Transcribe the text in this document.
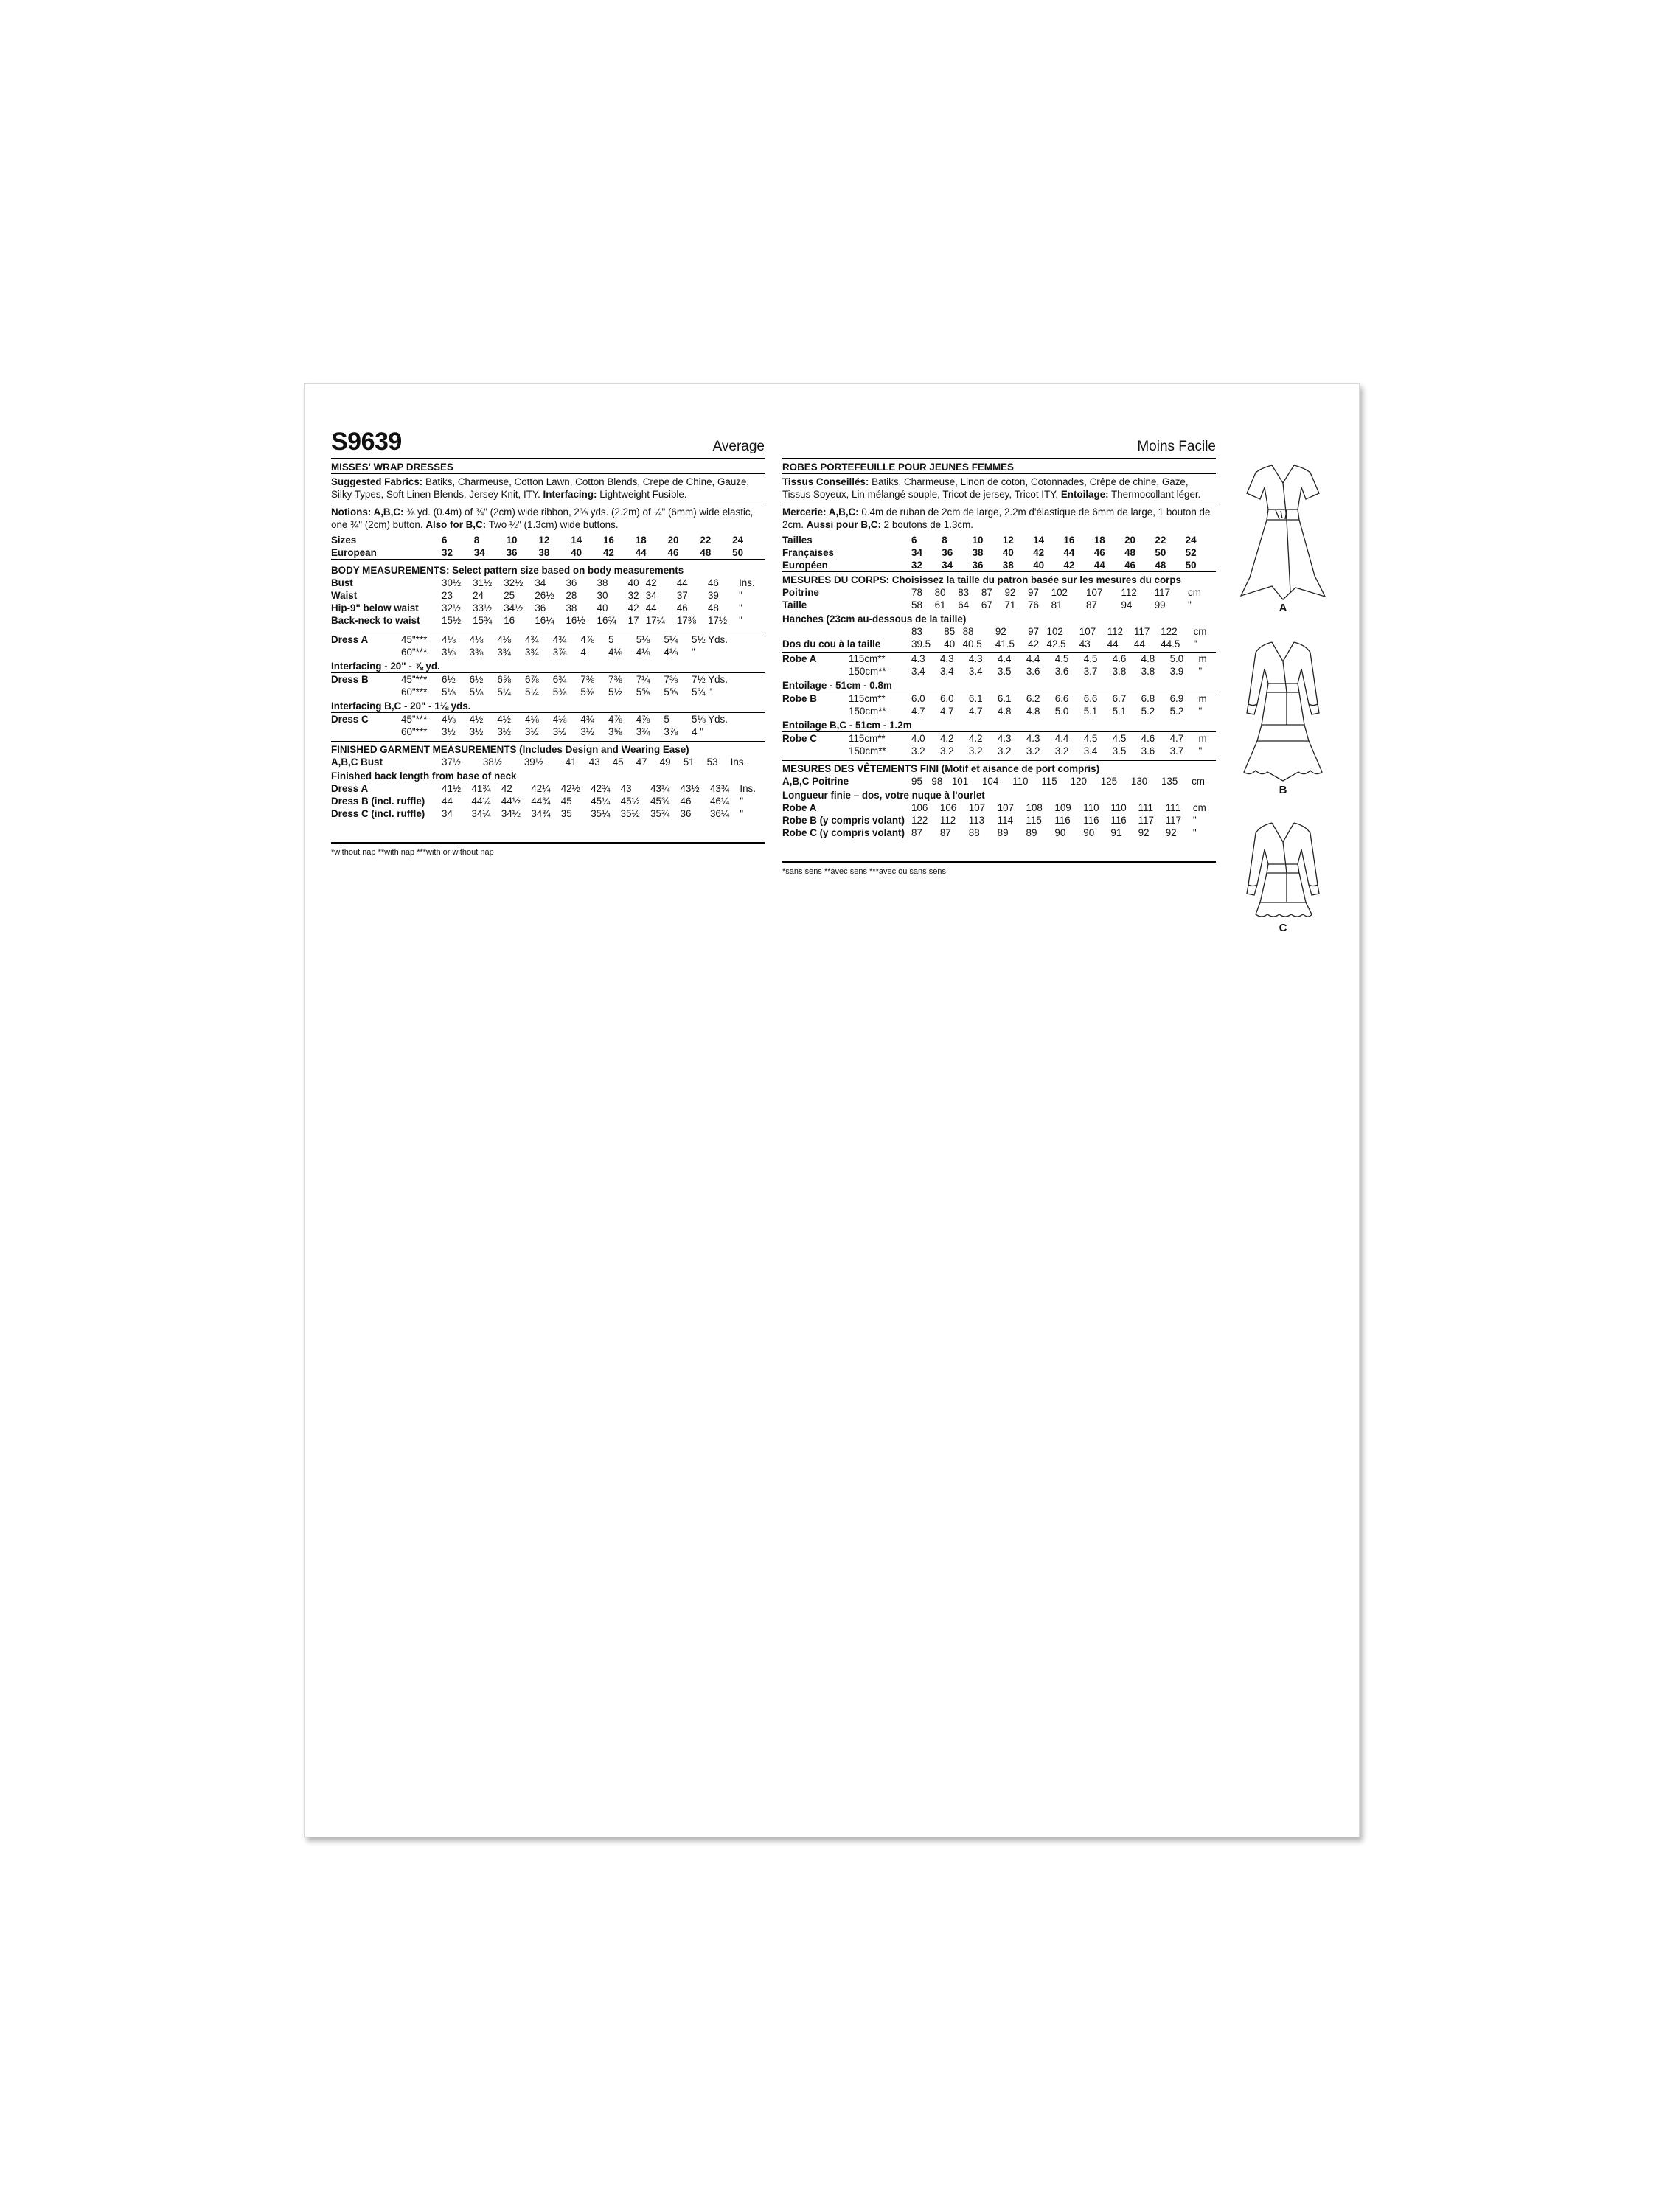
S9639	Average
MISSES' WRAP DRESSES
Suggested Fabrics: Batiks, Charmeuse, Cotton Lawn, Cotton Blends, Crepe de Chine, Gauze, Silky Types, Soft Linen Blends, Jersey Knit, ITY. Interfacing: Lightweight Fusible.
Notions: A,B,C: ⅜ yd. (0.4m) of ¾" (2cm) wide ribbon, 2⅜ yds. (2.2m) of ¼" (6mm) wide elastic, one ¾" (2cm) button. Also for B,C: Two ½" (1.3cm) wide buttons.
Sizes	6	8	10	12	14	16	18	20	22	24	
European	32	34	36	38	40	42	44	46	48	50	
BODY MEASUREMENTS: Select pattern size based on body measurements
Bust	30½	31½	32½	34	36	38	40	42	44	46	Ins.
Waist	23	24	25	26½	28	30	32	34	37	39	"
Hip-9" below waist	32½	33½	34½	36	38	40	42	44	46	48	"
Back-neck to waist	15½	15¾	16	16¼	16½	16¾	17	17¼	17⅜	17½	"
Dress A	45"***	4⅛	4⅛	4⅛	4¾	4¾	4⅞	5	5⅛	5¼	5½ Yds.
	60"***	3⅛	3⅜	3¾	3¾	3⅞	4	4⅛	4⅛	4⅛	"
Interfacing - 20" - ⅞ yd.
Dress B	45"***	6½	6½	6⅝	6⅞	6¾	7⅜	7⅜	7¼	7⅜	7½ Yds.
	60"***	5⅛	5⅛	5¼	5¼	5⅜	5⅜	5½	5⅝	5⅝	5¾ "
Interfacing B,C - 20" - 1⅛ yds.
Dress C	45"***	4⅛	4½	4½	4⅛	4⅛	4¾	4⅞	4⅞	5	5⅛ Yds.
	60"***	3½	3½	3½	3½	3½	3½	3⅝	3¾	3⅞	4 "
FINISHED GARMENT MEASUREMENTS (Includes Design and Wearing Ease)
A,B,C Bust	37½	38½	39½	41	43	45	47	49	51	53	Ins.
Finished back length from base of neck
Dress A	41½	41¾	42	42¼	42½	42¾	43	43¼	43½	43¾	Ins.
Dress B (incl. ruffle)	44	44¼	44½	44¾	45	45¼	45½	45¾	46	46¼	"
Dress C (incl. ruffle)	34	34¼	34½	34¾	35	35¼	35½	35¾	36	36¼	"
*without nap **with nap ***with or without nap
Moins Facile
ROBES PORTEFEUILLE POUR JEUNES FEMMES
Tissus Conseillés: Batiks, Charmeuse, Linon de coton, Cotonnades, Crêpe de chine, Gaze, Tissus Soyeux, Lin mélangé souple, Tricot de jersey, Tricot ITY. Entoilage: Thermocollant léger.
Mercerie: A,B,C: 0.4m de ruban de 2cm de large, 2.2m d'élastique de 6mm de large, 1 bouton de 2cm. Aussi pour B,C: 2 boutons de 1.3cm.
Tailles	6	8	10	12	14	16	18	20	22	24	
Françaises	34	36	38	40	42	44	46	48	50	52	
Européen	32	34	36	38	40	42	44	46	48	50	
MESURES DU CORPS: Choisissez la taille du patron basée sur les mesures du corps
Poitrine	78	80	83	87	92	97	102	107	112	117	cm
Taille	58	61	64	67	71	76	81	87	94	99	"
Hanches (23cm au-dessous de la taille)
	83	85	88	92	97	102	107	112	117	122	cm
Dos du cou à la taille	39.5	40	40.5	41.5	42	42.5	43	44	44	44.5	"
Robe A	115cm**	4.3	4.3	4.3	4.4	4.4	4.5	4.5	4.6	4.8	5.0	m
	150cm**	3.4	3.4	3.4	3.5	3.6	3.6	3.7	3.8	3.8	3.9	"
Entoilage - 51cm - 0.8m
Robe B	115cm**	6.0	6.0	6.1	6.1	6.2	6.6	6.6	6.7	6.8	6.9	m
	150cm**	4.7	4.7	4.7	4.8	4.8	5.0	5.1	5.1	5.2	5.2	"
Entoilage B,C - 51cm - 1.2m
Robe C	115cm**	4.0	4.2	4.2	4.3	4.3	4.4	4.5	4.5	4.6	4.7	m
	150cm**	3.2	3.2	3.2	3.2	3.2	3.2	3.4	3.5	3.6	3.7	"
MESURES DES VÊTEMENTS FINI (Motif et aisance de port compris)
A,B,C Poitrine	95	98	101	104	110	115	120	125	130	135	cm
Longueur finie – dos, votre nuque à l'ourlet
Robe A	106	106	107	107	108	109	110	110	111	111	cm
Robe B (y compris volant)	122	112	113	114	115	116	116	116	117	117	"
Robe C (y compris volant)	87	87	88	89	89	90	90	91	92	92	"
*sans sens **avec sens ***avec ou sans sens
A
B
C
